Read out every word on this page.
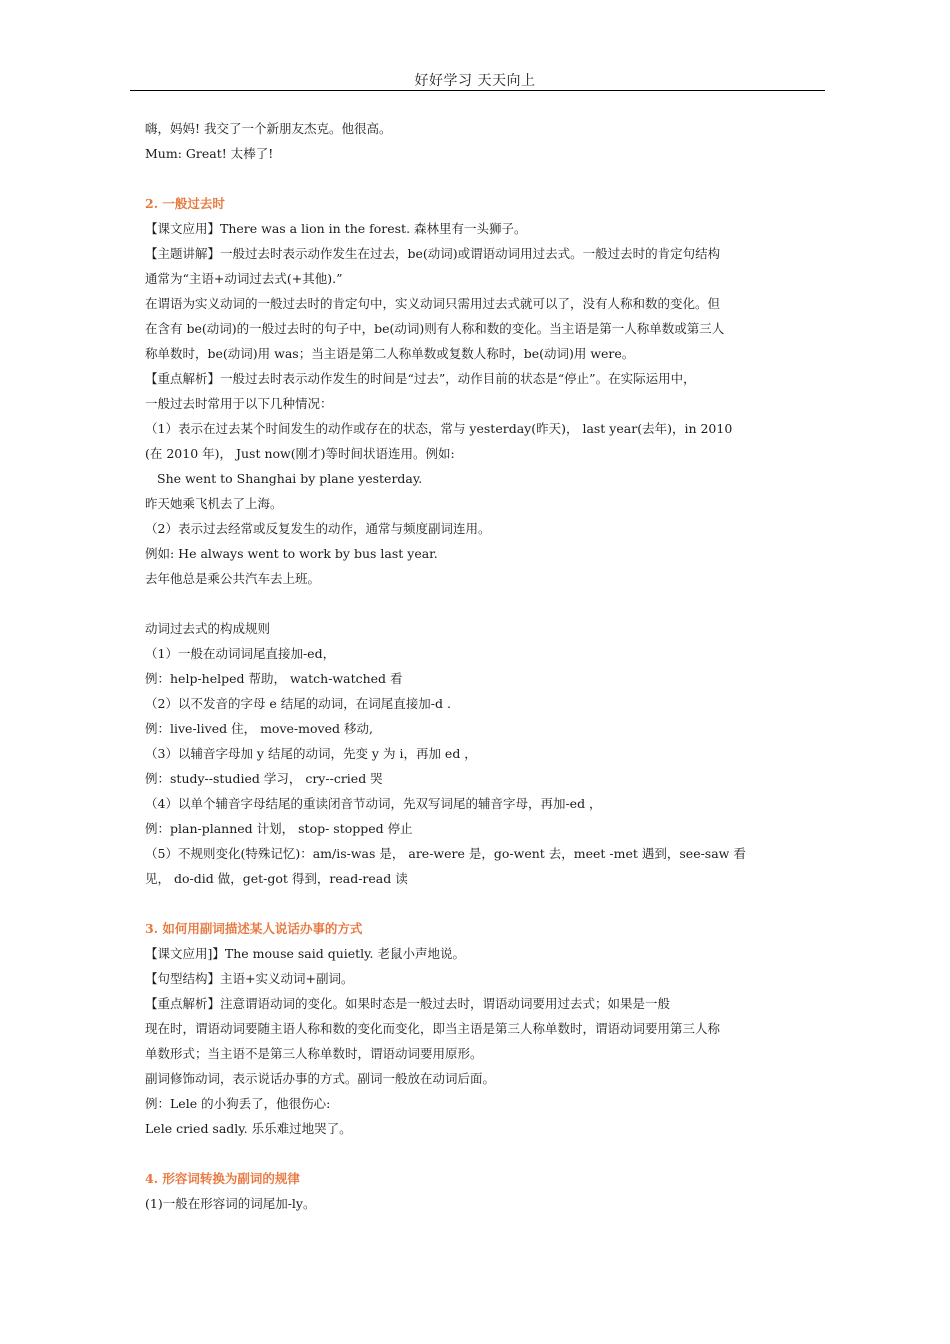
好好学习 天天向上
嗨，妈妈! 我交了一个新朋友杰克。他很高。
Mum: Great! 太棒了!
2. 一般过去时
【课文应用】There was a lion in the forest. 森林里有一头狮子。
【主题讲解】一般过去时表示动作发生在过去，be(动词)或谓语动词用过去式。一般过去时的肯定句结构
通常为“主语+动词过去式(+其他).”
在谓语为实义动词的一般过去时的肯定句中，实义动词只需用过去式就可以了，没有人称和数的变化。但
在含有 be(动词)的一般过去时的句子中，be(动词)则有人称和数的变化。当主语是第一人称单数或第三人
称单数时，be(动词)用 was；当主语是第二人称单数或复数人称时，be(动词)用 were。
【重点解析】一般过去时表示动作发生的时间是“过去”，动作目前的状态是“停止”。在实际运用中，
一般过去时常用于以下几种情况：
（1）表示在过去某个时间发生的动作或存在的状态，常与 yesterday(昨天)， last year(去年)，in 2010
(在 2010 年)， Just now(刚才)等时间状语连用。例如:
She went to Shanghai by plane yesterday.
昨天她乘飞机去了上海。
（2）表示过去经常或反复发生的动作，通常与频度副词连用。
例如: He always went to work by bus last year.
去年他总是乘公共汽车去上班。
动词过去式的构成规则
（1）一般在动词词尾直接加-ed，
例：help-helped 帮助， watch-watched 看
（2）以不发音的字母 e 结尾的动词，在词尾直接加-d .
例：live-lived 住， move-moved 移动,
（3）以辅音字母加 y 结尾的动词，先变 y 为 i，再加 ed ，
例：study--studied 学习， cry--cried 哭
（4）以单个辅音字母结尾的重读闭音节动词，先双写词尾的辅音字母，再加-ed ，
例：plan-planned 计划， stop- stopped 停止
（5）不规则变化(特殊记忆)：am/is-was 是， are-were 是，go-went 去，meet -met 遇到，see-saw 看
见， do-did 做，get-got 得到，read-read 读
3. 如何用副词描述某人说话办事的方式
【课文应用]】The mouse said quietly. 老鼠小声地说。
【句型结构】主语+实义动词+副词。
【重点解析】注意谓语动词的变化。如果时态是一般过去时，谓语动词要用过去式；如果是一般
现在时，谓语动词要随主语人称和数的变化而变化，即当主语是第三人称单数时，谓语动词要用第三人称
单数形式；当主语不是第三人称单数时，谓语动词要用原形。
副词修饰动词，表示说话办事的方式。副词一般放在动词后面。
例：Lele 的小狗丢了，他很伤心:
Lele cried sadly. 乐乐难过地哭了。
4. 形容词转换为副词的规律
(1)一般在形容词的词尾加-ly。
